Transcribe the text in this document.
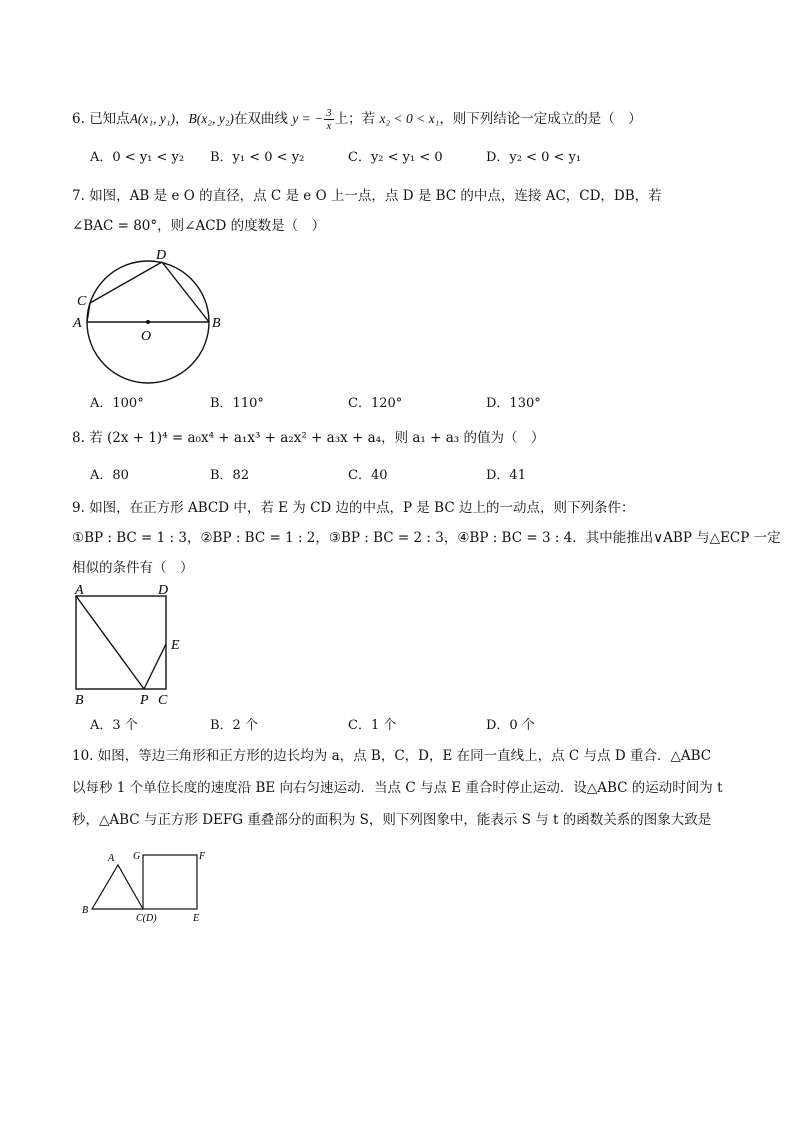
6. 已知点A(x₁, y₁)，B(x₂, y₂)在双曲线 y = − $\frac{3}{x}$ 上；若 x₂ < 0 < x₁，则下列结论一定成立的是（　）
A．0 < y₁ < y₂ B．y₁ < 0 < y₂	C．y₂ < y₁ < 0	D．y₂ < 0 < y₁
7. 如图，AB 是 e O 的直径，点 C 是 e O 上一点，点 D 是 BC 的中点，连接 AC，CD，DB，若
∠BAC = 80°，则∠ACD 的度数是（　）
D
C
A
O
B
A．100°	B．110°	C．120°	D．130°
8. 若 (2x + 1)⁴ = a₀x⁴ + a₁x³ + a₂x² + a₃x + a₄，则 a₁ + a₃ 的值为（　）
A．80	B．82	C．40	D．41
9. 如图，在正方形 ABCD 中，若 E 为 CD 边的中点，P 是 BC 边上的一动点，则下列条件：
①BP : BC = 1 : 3，②BP : BC = 1 : 2，③BP : BC = 2 : 3，④BP : BC = 3 : 4．其中能推出∨ABP 与△ECP 一定
相似的条件有（　）
A	D
E
B	P C
A．3 个	B．2 个	C．1 个	D．0 个
10. 如图，等边三角形和正方形的边长均为 a，点 B，C，D，E 在同一直线上，点 C 与点 D 重合．△ABC
以每秒 1 个单位长度的速度沿 BE 向右匀速运动．当点 C 与点 E 重合时停止运动．设△ABC 的运动时间为 t
秒，△ABC 与正方形 DEFG 重叠部分的面积为 S，则下列图象中，能表示 S 与 t 的函数关系的图象大致是
A G	F
B
C(D)	E
